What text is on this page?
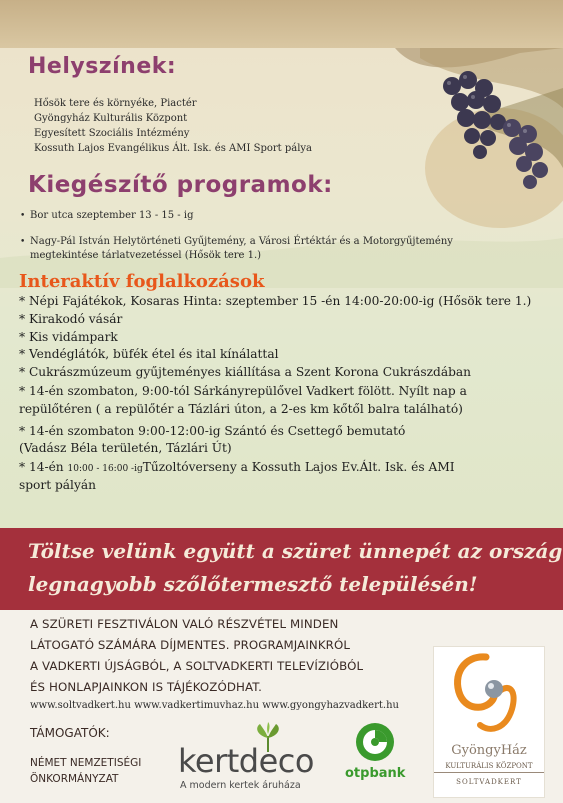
Helyszínek:
Hősök tere és környéke, Piactér
Gyöngyház Kulturális Központ
Egyesített Szociális Intézmény
Kossuth Lajos Evangélikus Ált. Isk. és AMI Sport pálya
Kiegészítő programok:
• Bor utca szeptember 13 - 15 - ig
• Nagy-Pál István Helytörténeti Gyűjtemény, a Városi Értéktár és a Motorgyűjtemény
megtekintése tárlatvezetéssel (Hősök tere 1.)
Interaktív foglalkozások
* Népi Fajátékok, Kosaras Hinta: szeptember 15 -én 14:00-20:00-ig (Hősök tere 1.)
* Kirakodó vásár
* Kis vidámpark
* Vendéglátók, büfék étel és ital kínálattal
* Cukrászmúzeum gyűjteményes kiállítása a Szent Korona Cukrászdában
* 14-én szombaton, 9:00-tól Sárkányrepülővel Vadkert fölött. Nyílt nap a
repülőtéren ( a repülőtér a Tázlári úton, a 2-es km kőtől balra található)
* 14-én szombaton 9:00-12:00-ig Szántó és Csettegő bemutató
(Vadász Béla területén, Tázlári Út)
* 14-én 10:00 - 16:00 -igTűzoltóverseny a Kossuth Lajos Ev.Ált. Isk. és AMI
sport pályán
Töltse velünk együtt a szüret ünnepét az ország
legnagyobb szőlőtermesztő településén!
A SZÜRETI FESZTIVÁLON VALÓ RÉSZVÉTEL MINDEN
LÁTOGATÓ SZÁMÁRA DÍJMENTES. PROGRAMJAINKRÓL
A VADKERTI ÚJSÁGBÓL, A SOLTVADKERTI TELEVÍZIÓBÓL
ÉS HONLAPJAINKON IS TÁJÉKOZÓDHAT.
www.soltvadkert.hu www.vadkertimuvhaz.hu www.gyongyhazvadkert.hu
TÁMOGATÓK:
NÉMET NEMZETISÉGI
ÖNKORMÁNYZAT	kertdeco
A modern kertek áruháza
otpbank
GyöngyHáz
KULTURÁLIS KÖZPONT
SOLTVADKERT
